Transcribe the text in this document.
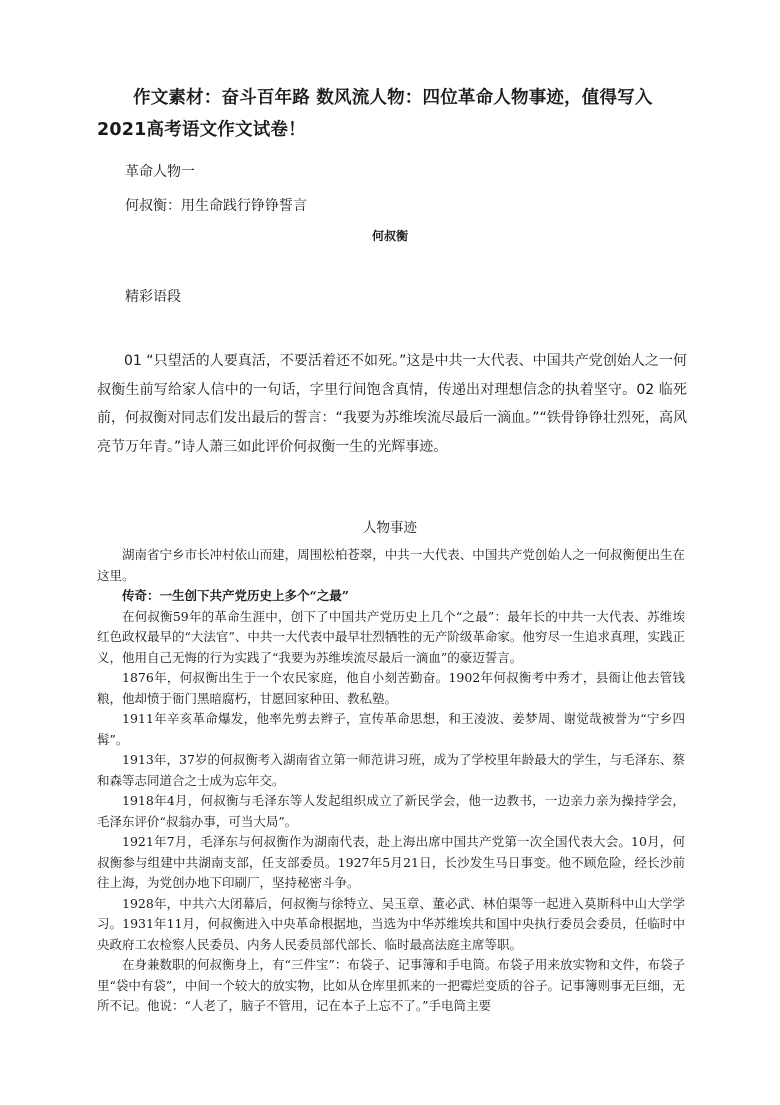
作文素材：奋斗百年路 数风流人物：四位革命人物事迹，值得写入2021高考语文作文试卷！

革命人物一

何叔衡：用生命践行铮铮誓言

何叔衡

精彩语段

01 “只望活的人要真活，不要活着还不如死。”这是中共一大代表、中国共产党创始人之一何叔衡生前写给家人信中的一句话，字里行间饱含真情，传递出对理想信念的执着坚守。02 临死前，何叔衡对同志们发出最后的誓言：“我要为苏维埃流尽最后一滴血。”“铁骨铮铮壮烈死，高风亮节万年青。”诗人萧三如此评价何叔衡一生的光辉事迹。

人物事迹

湖南省宁乡市长冲村依山而建，周围松柏苍翠，中共一大代表、中国共产党创始人之一何叔衡便出生在这里。

传奇：一生创下共产党历史上多个“之最”

在何叔衡59年的革命生涯中，创下了中国共产党历史上几个“之最”：最年长的中共一大代表、苏维埃红色政权最早的“大法官”、中共一大代表中最早壮烈牺牲的无产阶级革命家。他穷尽一生追求真理，实践正义，他用自己无悔的行为实践了“我要为苏维埃流尽最后一滴血”的豪迈誓言。

1876年，何叔衡出生于一个农民家庭，他自小刻苦勤奋。1902年何叔衡考中秀才，县衙让他去管钱粮，他却愤于衙门黑暗腐朽，甘愿回家种田、教私塾。

1911年辛亥革命爆发，他率先剪去辫子，宣传革命思想，和王凌波、姜梦周、谢觉哉被誉为“宁乡四髯”。

1913年，37岁的何叔衡考入湖南省立第一师范讲习班，成为了学校里年龄最大的学生，与毛泽东、蔡和森等志同道合之士成为忘年交。

1918年4月，何叔衡与毛泽东等人发起组织成立了新民学会，他一边教书，一边亲力亲为操持学会，毛泽东评价“叔翁办事，可当大局”。

1921年7月，毛泽东与何叔衡作为湖南代表，赴上海出席中国共产党第一次全国代表大会。10月，何叔衡参与组建中共湖南支部，任支部委员。1927年5月21日，长沙发生马日事变。他不顾危险，经长沙前往上海，为党创办地下印刷厂，坚持秘密斗争。

1928年，中共六大闭幕后，何叔衡与徐特立、吴玉章、董必武、林伯渠等一起进入莫斯科中山大学学习。1931年11月，何叔衡进入中央革命根据地，当选为中华苏维埃共和国中央执行委员会委员，任临时中央政府工农检察人民委员、内务人民委员部代部长、临时最高法庭主席等职。

在身兼数职的何叔衡身上，有“三件宝”：布袋子、记事簿和手电筒。布袋子用来放实物和文件，布袋子里“袋中有袋”，中间一个较大的放实物，比如从仓库里抓来的一把霉烂变质的谷子。记事簿则事无巨细，无所不记。他说：“人老了，脑子不管用，记在本子上忘不了。”手电筒主要
